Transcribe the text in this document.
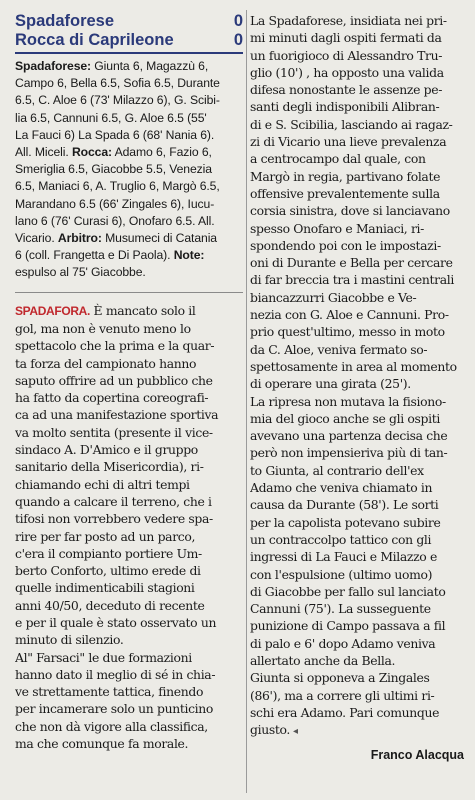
Spadaforese	0
Rocca di Caprileone	0

Spadaforese: Giunta 6, Magazzù 6,

Campo 6, Bella 6.5, Sofia 6.5, Durante

6.5, C. Aloe 6 (73' Milazzo 6), G. Scibi-

lia 6.5, Cannuni 6.5, G. Aloe 6.5 (55'

La Fauci 6) La Spada 6 (68' Nania 6).

All. Miceli. Rocca: Adamo 6, Fazio 6,

Smeriglia 6.5, Giacobbe 5.5, Venezia

6.5, Maniaci 6, A. Truglio 6, Margò 6.5,

Marandano 6.5 (66' Zingales 6), Iucu-

lano 6 (76' Curasi 6), Onofaro 6.5. All.

Vicario. Arbitro: Musumeci di Catania

6 (coll. Frangetta e Di Paola). Note:

espulso al 75' Giacobbe.

SPADAFORA. È mancato solo il

gol, ma non è venuto meno lo

spettacolo che la prima e la quar-

ta forza del campionato hanno

saputo offrire ad un pubblico che

ha fatto da copertina coreografi-

ca ad una manifestazione sportiva

va molto sentita (presente il vice-

sindaco A. D'Amico e il gruppo

sanitario della Misericordia), ri-

chiamando echi di altri tempi

quando a calcare il terreno, che i

tifosi non vorrebbero vedere spa-

rire per far posto ad un parco,

c'era il compianto portiere Um-

berto Conforto, ultimo erede di

quelle indimenticabili stagioni

anni 40/50, deceduto di recente

e per il quale è stato osservato un

minuto di silenzio.

Al" Farsaci" le due formazioni

hanno dato il meglio di sé in chia-

ve strettamente tattica, finendo

per incamerare solo un punticino

che non dà vigore alla classifica,

ma che comunque fa morale.

La Spadaforese, insidiata nei pri-

mi minuti dagli ospiti fermati da

un fuorigioco di Alessandro Tru-

glio (10') , ha opposto una valida

difesa nonostante le assenze pe-

santi degli indisponibili Alibran-

di e S. Scibilia, lasciando ai ragaz-

zi di Vicario una lieve prevalenza

a centrocampo dal quale, con

Margò in regia, partivano folate

offensive prevalentemente sulla

corsia sinistra, dove si lanciavano

spesso Onofaro e Maniaci, ri-

spondendo poi con le impostazi-

oni di Durante e Bella per cercare

di far breccia tra i mastini centrali

biancazzurri Giacobbe e Ve-

nezia con G. Aloe e Cannuni. Pro-

prio quest'ultimo, messo in moto

da C. Aloe, veniva fermato so-

spettosamente in area al momento

di operare una girata (25').

La ripresa non mutava la fisiono-

mia del gioco anche se gli ospiti

avevano una partenza decisa che

però non impensieriva più di tan-

to Giunta, al contrario dell'ex

Adamo che veniva chiamato in

causa da Durante (58'). Le sorti

per la capolista potevano subire

un contraccolpo tattico con gli

ingressi di La Fauci e Milazzo e

con l'espulsione (ultimo uomo)

di Giacobbe per fallo sul lanciato

Cannuni (75'). La susseguente

punizione di Campo passava a fil

di palo e 6' dopo Adamo veniva

allertato anche da Bella.

Giunta si opponeva a Zingales

(86'), ma a correre gli ultimi ri-

schi era Adamo. Pari comunque

giusto. ◂

Franco Alacqua
